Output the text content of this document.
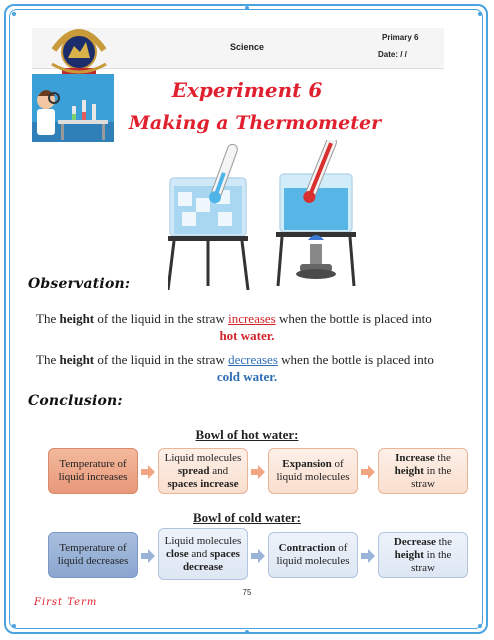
Science
Primary 6
Date: / /
Experiment 6
Making a Thermometer
Observation:
The height of the liquid in the straw increases when the bottle is placed into
hot water.
The height of the liquid in the straw decreases when the bottle is placed into
cold water.
Conclusion:
Bowl of hot water:
Temperature of liquid increases
Liquid molecules spread and spaces increase
Expansion of liquid molecules
Increase the height in the straw
Bowl of cold water:
Temperature of liquid decreases
Liquid molecules close and spaces decrease
Contraction of liquid molecules
Decrease the height in the straw
75
First Term
